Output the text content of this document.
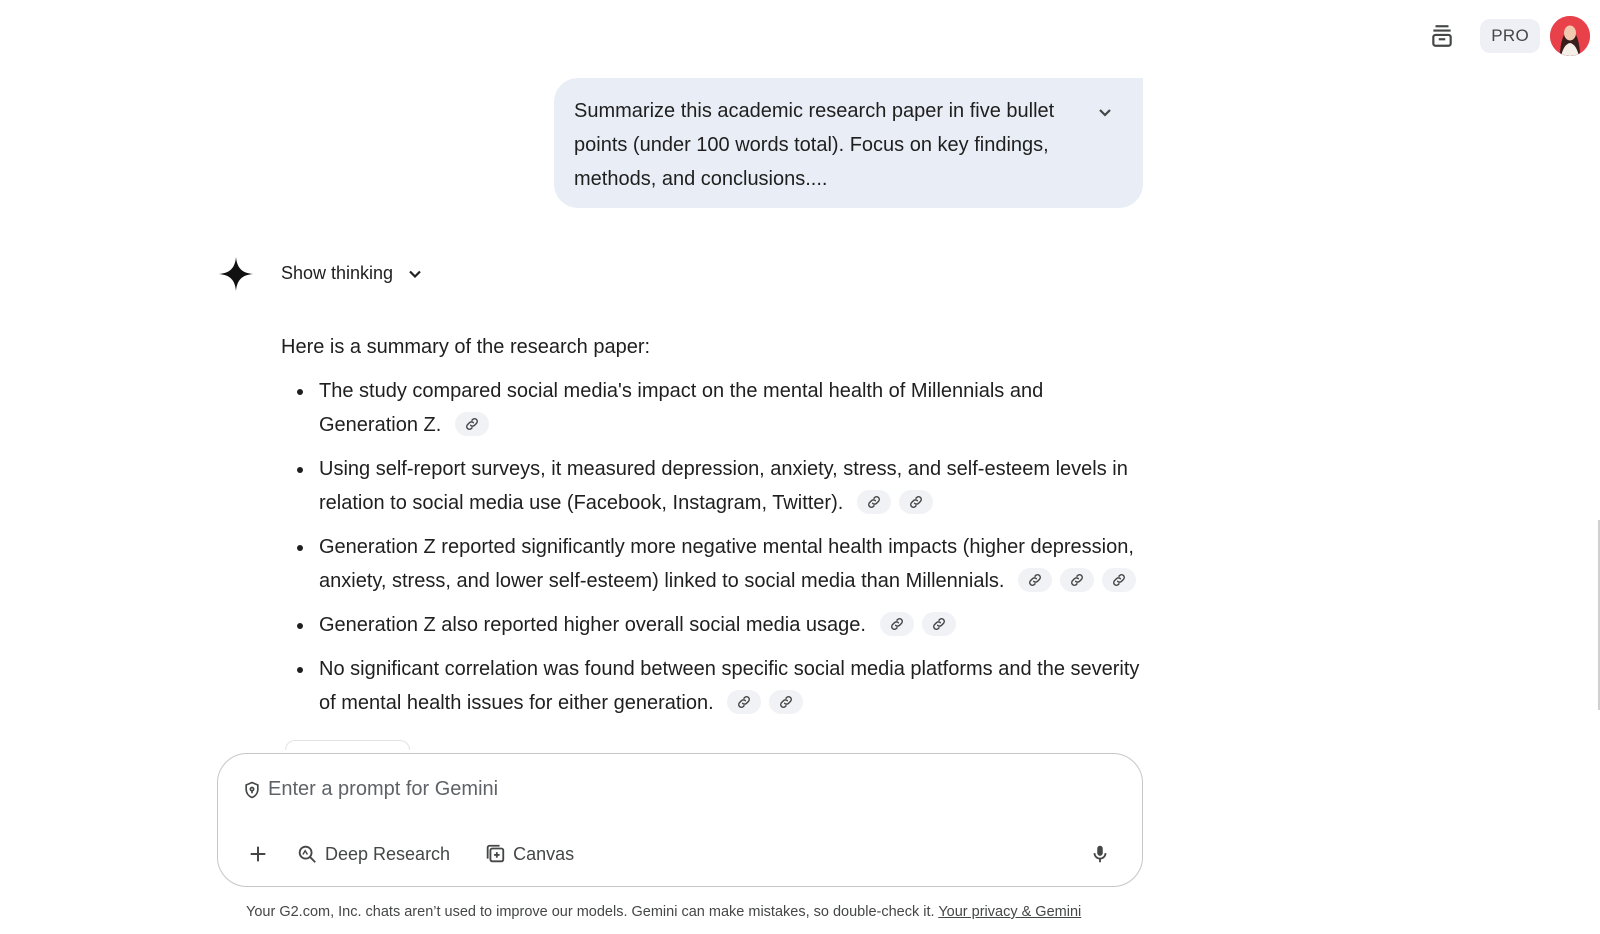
PRO
Summarize this academic research paper in five bullet points (under 100 words total). Focus on key findings, methods, and conclusions....
Show thinking

Here is a summary of the research paper:

The study compared social media's impact on the mental health of Millennials and Generation Z.
Using self-report surveys, it measured depression, anxiety, stress, and self-esteem levels in relation to social media use (Facebook, Instagram, Twitter).
Generation Z reported significantly more negative mental health impacts (higher depression, anxiety, stress, and lower self-esteem) linked to social media than Millennials.
Generation Z also reported higher overall social media usage.
No significant correlation was found between specific social media platforms and the severity of mental health issues for either generation.
Enter a prompt for Gemini
Deep Research	Canvas
Your G2.com, Inc. chats aren’t used to improve our models. Gemini can make mistakes, so double-check it. Your privacy & Gemini
